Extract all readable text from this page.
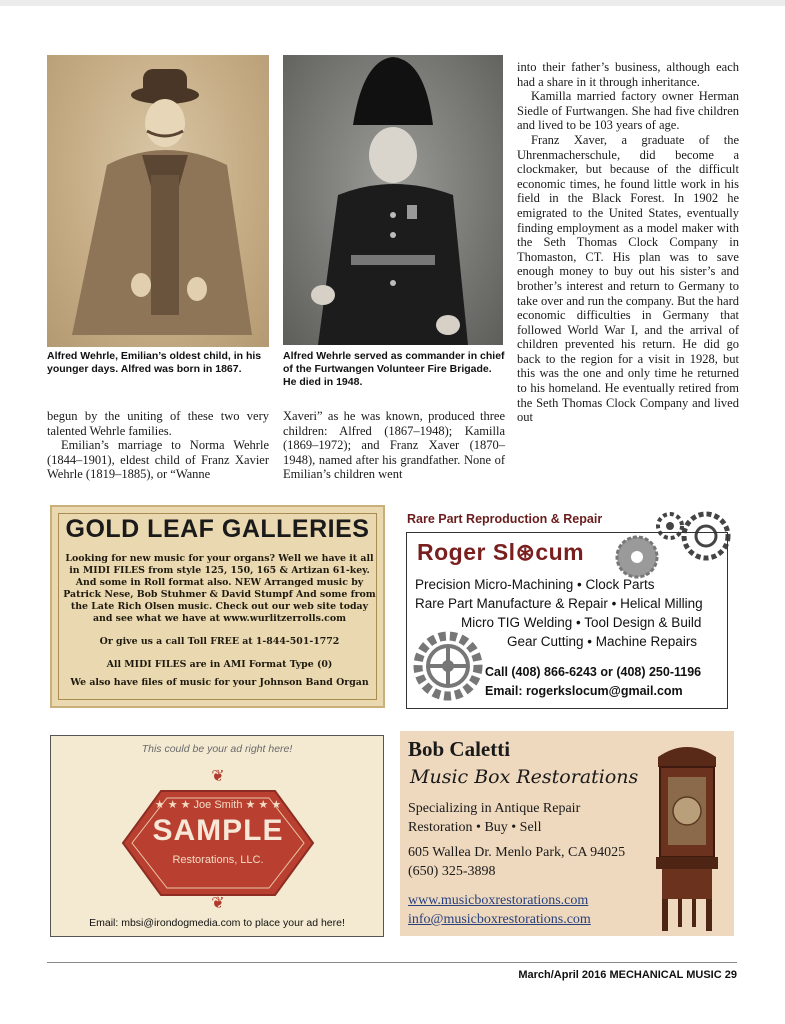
Alfred Wehrle, Emilian’s oldest child, in his younger days. Alfred was born in 1867.
Alfred Wehrle served as commander in chief of the Furtwangen Volunteer Fire Brigade. He died in 1948.

into their father’s business, although each had a share in it through inheritance.

Kamilla married factory owner Herman Siedle of Furtwangen. She had five children and lived to be 103 years of age.

Franz Xaver, a graduate of the Uhrenmacherschule, did become a clockmaker, but because of the difficult economic times, he found little work in his field in the Black Forest. In 1902 he emigrated to the United States, eventually finding employment as a model maker with the Seth Thomas Clock Company in Thomaston, CT. His plan was to save enough money to buy out his sister’s and brother’s interest and return to Germany to take over and run the company. But the hard economic difficulties in Germany that followed World War I, and the arrival of children prevented his return. He did go back to the region for a visit in 1928, but this was the one and only time he returned to his homeland. He eventually retired from the Seth Thomas Clock Company and lived out

begun by the uniting of these two very talented Wehrle families.

Emilian’s marriage to Norma Wehrle (1844–1901), eldest child of Franz Xavier Wehrle (1819–1885), or “Wanne

Xaveri” as he was known, produced three children: Alfred (1867–1948); Kamilla (1869–1972); and Franz Xaver (1870–1948), named after his grandfather. None of Emilian’s children went

GOLD LEAF GALLERIES
Looking for new music for your organs? Well we have it all in MIDI FILES from style 125, 150, 165 & Artizan 61-key. And some in Roll format also. NEW Arranged music by Patrick Nese, Bob Stuhmer & David Stumpf And some from the Late Rich Olsen music. Check out our web site today and see what we have at www.wurlitzerrolls.com
Or give us a call Toll FREE at 1-844-501-1772
All MIDI FILES are in AMI Format Type (0)
We also have files of music for your Johnson Band Organ
Rare Part Reproduction & Repair
Roger Sl⊛cum
Precision Micro-Machining • Clock Parts
Rare Part Manufacture & Repair • Helical Milling
Micro TIG Welding • Tool Design & Build
Gear Cutting • Machine Repairs
Call (408) 866-6243 or (408) 250-1196
Email: rogerkslocum@gmail.com
This could be your ad right here!
❦
❦
★ ★ ★ Joe Smith ★ ★ ★
SAMPLE
Restorations, LLC.
Email: mbsi@irondogmedia.com to place your ad here!
Bob Caletti
Music Box Restorations
Specializing in Antique Repair
Restoration • Buy • Sell
605 Wallea Dr. Menlo Park, CA 94025
(650) 325-3898
www.musicboxrestorations.com
info@musicboxrestorations.com
March/April 2016 MECHANICAL MUSIC 29
